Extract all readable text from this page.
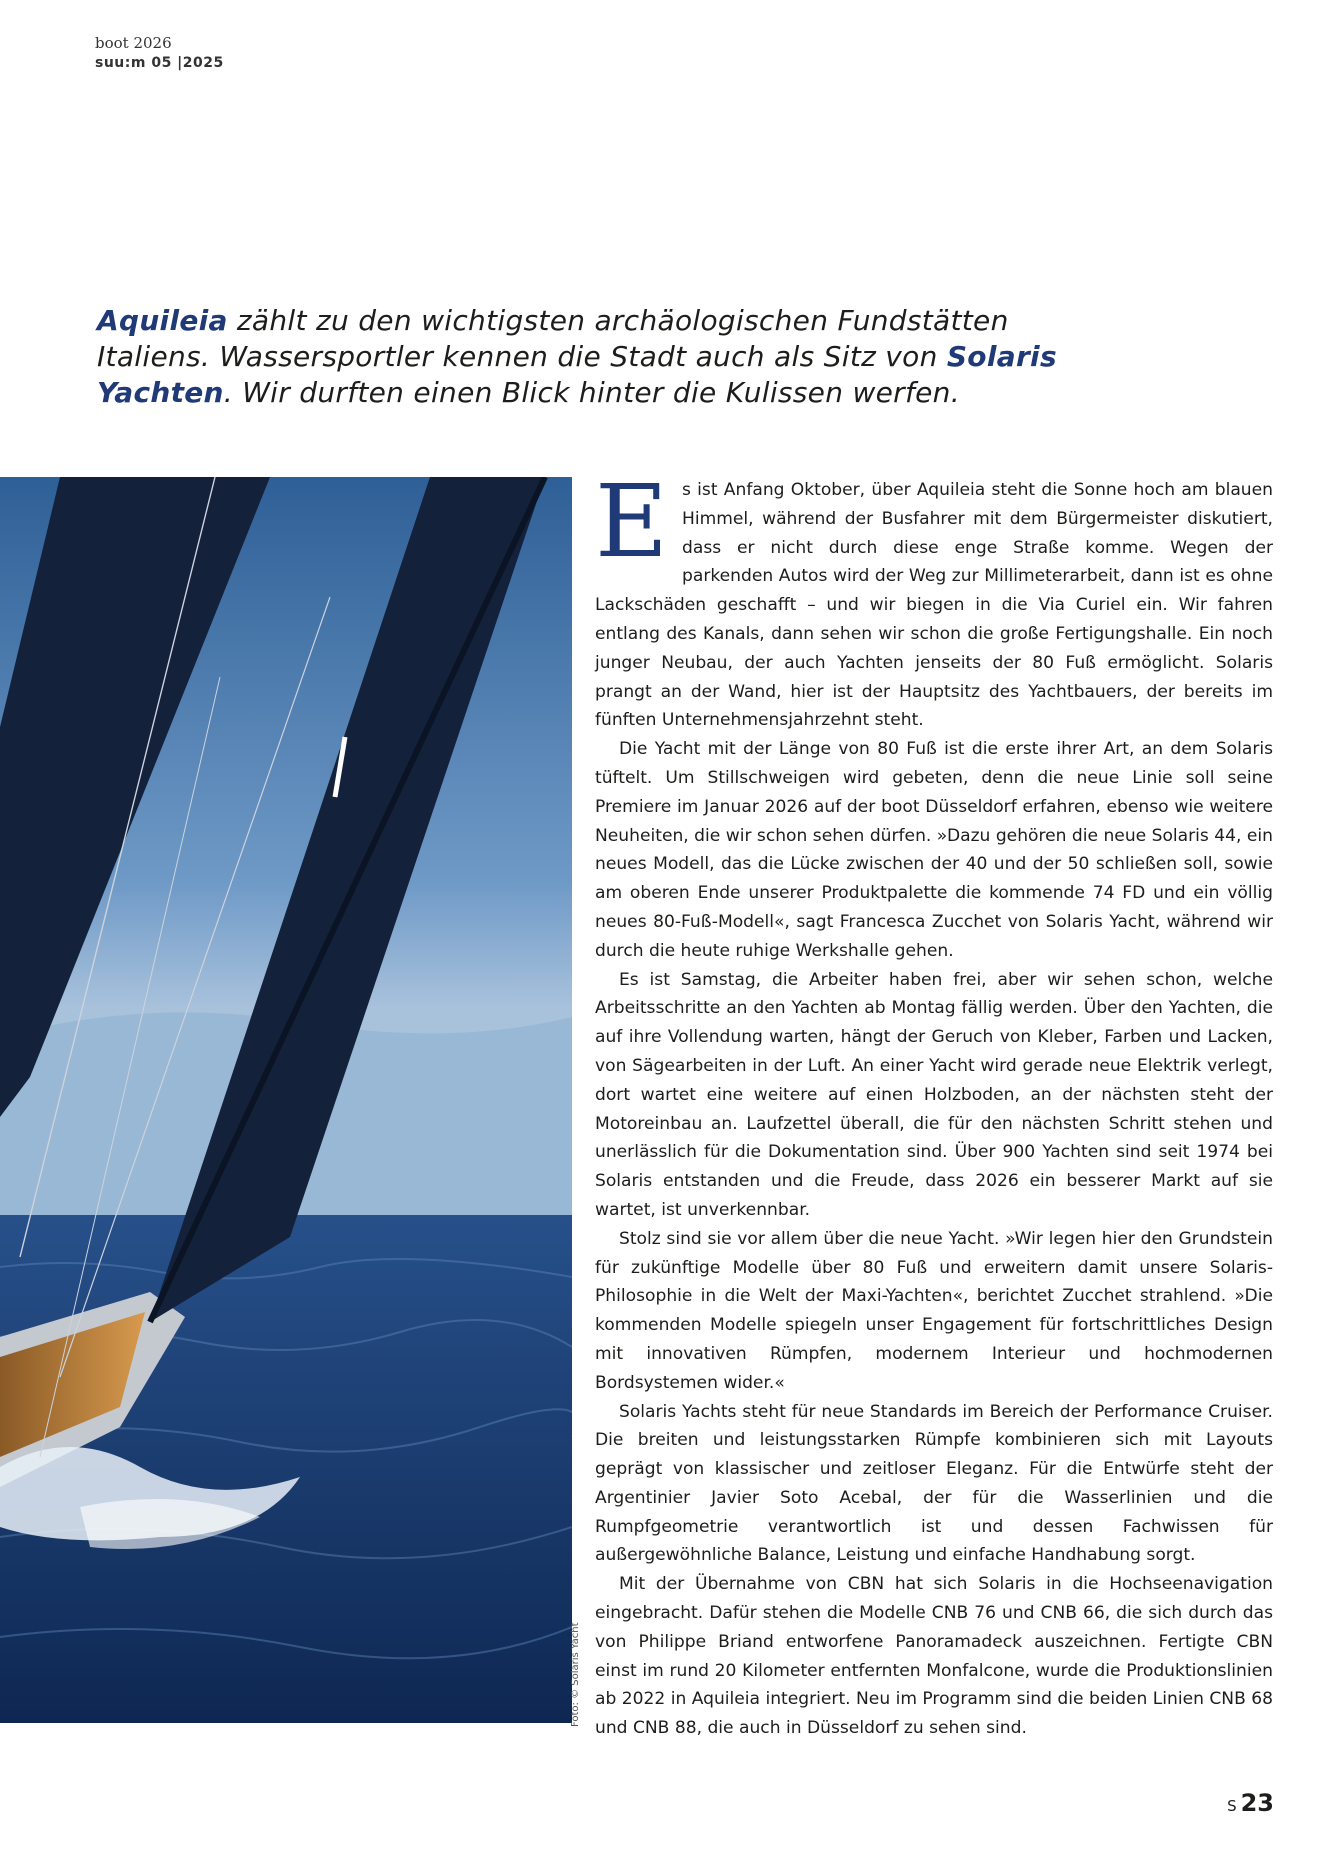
boot 2026
suu:m 05 |2025

Aquileia zählt zu den wichtigsten archäologischen Fundstätten Italiens. Wassersportler kennen die Stadt auch als Sitz von Solaris Yachten. Wir durften einen Blick hinter die Kulissen werfen.

Foto: © Solaris Yacht
E s ist Anfang Oktober, über Aquileia steht die Sonne hoch am blauen Himmel, während der Busfahrer mit dem Bürgermeister diskutiert, dass er nicht durch diese enge Straße komme. Wegen der parkenden Autos wird der Weg zur Millimeterarbeit, dann ist es ohne Lackschäden geschafft – und wir biegen in die Via Curiel ein. Wir fahren entlang des Kanals, dann sehen wir schon die große Fertigungshalle. Ein noch junger Neubau, der auch Yachten jenseits der 80 Fuß ermöglicht. Solaris prangt an der Wand, hier ist der Hauptsitz des Yachtbauers, der bereits im fünften Unternehmensjahrzehnt steht.

Die Yacht mit der Länge von 80 Fuß ist die erste ihrer Art, an dem Solaris tüftelt. Um Stillschweigen wird gebeten, denn die neue Linie soll seine Premiere im Januar 2026 auf der boot Düsseldorf erfahren, ebenso wie weitere Neuheiten, die wir schon sehen dürfen. »Dazu gehören die neue Solaris 44, ein neues Modell, das die Lücke zwischen der 40 und der 50 schließen soll, sowie am oberen Ende unserer Produktpalette die kommende 74 FD und ein völlig neues 80-Fuß-Modell«, sagt Francesca Zucchet von Solaris Yacht, während wir durch die heute ruhige Werkshalle gehen.

Es ist Samstag, die Arbeiter haben frei, aber wir sehen schon, welche Arbeitsschritte an den Yachten ab Montag fällig werden. Über den Yachten, die auf ihre Vollendung warten, hängt der Geruch von Kleber, Farben und Lacken, von Sägearbeiten in der Luft. An einer Yacht wird gerade neue Elektrik verlegt, dort wartet eine weitere auf einen Holzboden, an der nächsten steht der Motoreinbau an. Laufzettel überall, die für den nächsten Schritt stehen und unerlässlich für die Dokumentation sind. Über 900 Yachten sind seit 1974 bei Solaris entstanden und die Freude, dass 2026 ein besserer Markt auf sie wartet, ist unverkennbar.

Stolz sind sie vor allem über die neue Yacht. »Wir legen hier den Grundstein für zukünftige Modelle über 80 Fuß und erweitern damit unsere Solaris-Philosophie in die Welt der Maxi-Yachten«, berichtet Zucchet strahlend. »Die kommenden Modelle spiegeln unser Engagement für fortschrittliches Design mit innovativen Rümpfen, modernem Interieur und hochmodernen Bordsystemen wider.«

Solaris Yachts steht für neue Standards im Bereich der Performance Cruiser. Die breiten und leistungsstarken Rümpfe kombinieren sich mit Layouts geprägt von klassischer und zeitloser Eleganz. Für die Entwürfe steht der Argentinier Javier Soto Acebal, der für die Wasserlinien und die Rumpfgeometrie verantwortlich ist und dessen Fachwissen für außergewöhnliche Balance, Leistung und einfache Handhabung sorgt.

Mit der Übernahme von CBN hat sich Solaris in die Hochseenavigation eingebracht. Dafür stehen die Modelle CNB 76 und CNB 66, die sich durch das von Philippe Briand entworfene Panoramadeck auszeichnen. Fertigte CBN einst im rund 20 Kilometer entfernten Monfalcone, wurde die Produktionslinien ab 2022 in Aquileia integriert. Neu im Programm sind die beiden Linien CNB 68 und CNB 88, die auch in Düsseldorf zu sehen sind.

S 23
